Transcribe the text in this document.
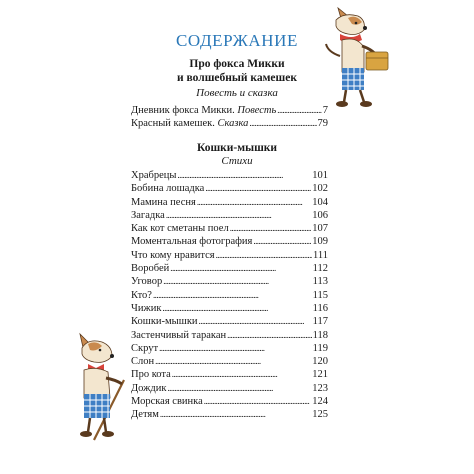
СОДЕРЖАНИЕ
Про фокса Микки
и волшебный камешек
Повесть и сказка
Дневник фокса Микки. Повесть . . .	7
Красный камешек. Сказка . . .	79
Кошки-мышки
Стихи
Храбрецы . . .	101
Бобина лошадка . . .	102
Мамина песня . . .	104
Загадка . . .	106
Как кот сметаны поел . . .	107
Моментальная фотография . . .	109
Что кому нравится . . .	111
Воробей . . .	112
Уговор . . .	113
Кто? . . .	115
Чижик . . .	116
Кошки-мышки . . .	117
Застенчивый таракан . . .	118
Скрут . . .	119
Слон . . .	120
Про кота . . .	121
Дождик . . .	123
Морская свинка . . .	124
Детям . . .	125
